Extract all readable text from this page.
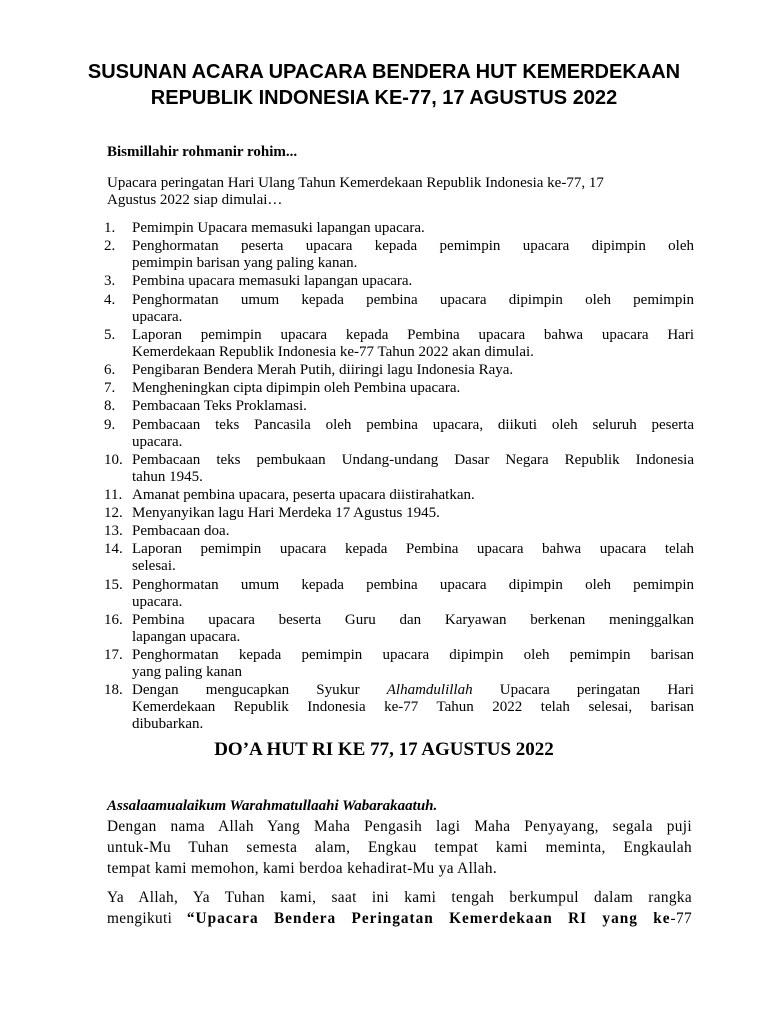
SUSUNAN ACARA UPACARA BENDERA HUT KEMERDEKAAN
REPUBLIK INDONESIA KE-77, 17 AGUSTUS 2022
Bismillahir rohmanir rohim...
Upacara peringatan Hari Ulang Tahun Kemerdekaan Republik Indonesia ke-77, 17
Agustus 2022 siap dimulai…
1. Pemimpin Upacara memasuki lapangan upacara.
2. Penghormatan peserta upacara kepada pemimpin upacara dipimpin oleh
pemimpin barisan yang paling kanan.
3. Pembina upacara memasuki lapangan upacara.
4. Penghormatan umum kepada pembina upacara dipimpin oleh pemimpin
upacara.
5. Laporan pemimpin upacara kepada Pembina upacara bahwa upacara Hari
Kemerdekaan Republik Indonesia ke-77 Tahun 2022 akan dimulai.
6. Pengibaran Bendera Merah Putih, diiringi lagu Indonesia Raya.
7. Mengheningkan cipta dipimpin oleh Pembina upacara.
8. Pembacaan Teks Proklamasi.
9. Pembacaan teks Pancasila oleh pembina upacara, diikuti oleh seluruh peserta
upacara.
10. Pembacaan teks pembukaan Undang-undang Dasar Negara Republik Indonesia
tahun 1945.
11. Amanat pembina upacara, peserta upacara diistirahatkan.
12. Menyanyikan lagu Hari Merdeka 17 Agustus 1945.
13. Pembacaan doa.
14. Laporan pemimpin upacara kepada Pembina upacara bahwa upacara telah
selesai.
15. Penghormatan umum kepada pembina upacara dipimpin oleh pemimpin
upacara.
16. Pembina upacara beserta Guru dan Karyawan berkenan meninggalkan
lapangan upacara.
17. Penghormatan kepada pemimpin upacara dipimpin oleh pemimpin barisan
yang paling kanan
18. Dengan mengucapkan Syukur Alhamdulillah Upacara peringatan Hari
Kemerdekaan Republik Indonesia ke-77 Tahun 2022 telah selesai, barisan
dibubarkan.
DO’A HUT RI KE 77, 17 AGUSTUS 2022
Assalaamualaikum Warahmatullaahi Wabarakaatuh.
Dengan nama Allah Yang Maha Pengasih lagi Maha Penyayang, segala puji
untuk-Mu Tuhan semesta alam, Engkau tempat kami meminta, Engkaulah
tempat kami memohon, kami berdoa kehadirat-Mu ya Allah.
Ya Allah, Ya Tuhan kami, saat ini kami tengah berkumpul dalam rangka
mengikuti “Upacara Bendera Peringatan Kemerdekaan RI yang ke-77
